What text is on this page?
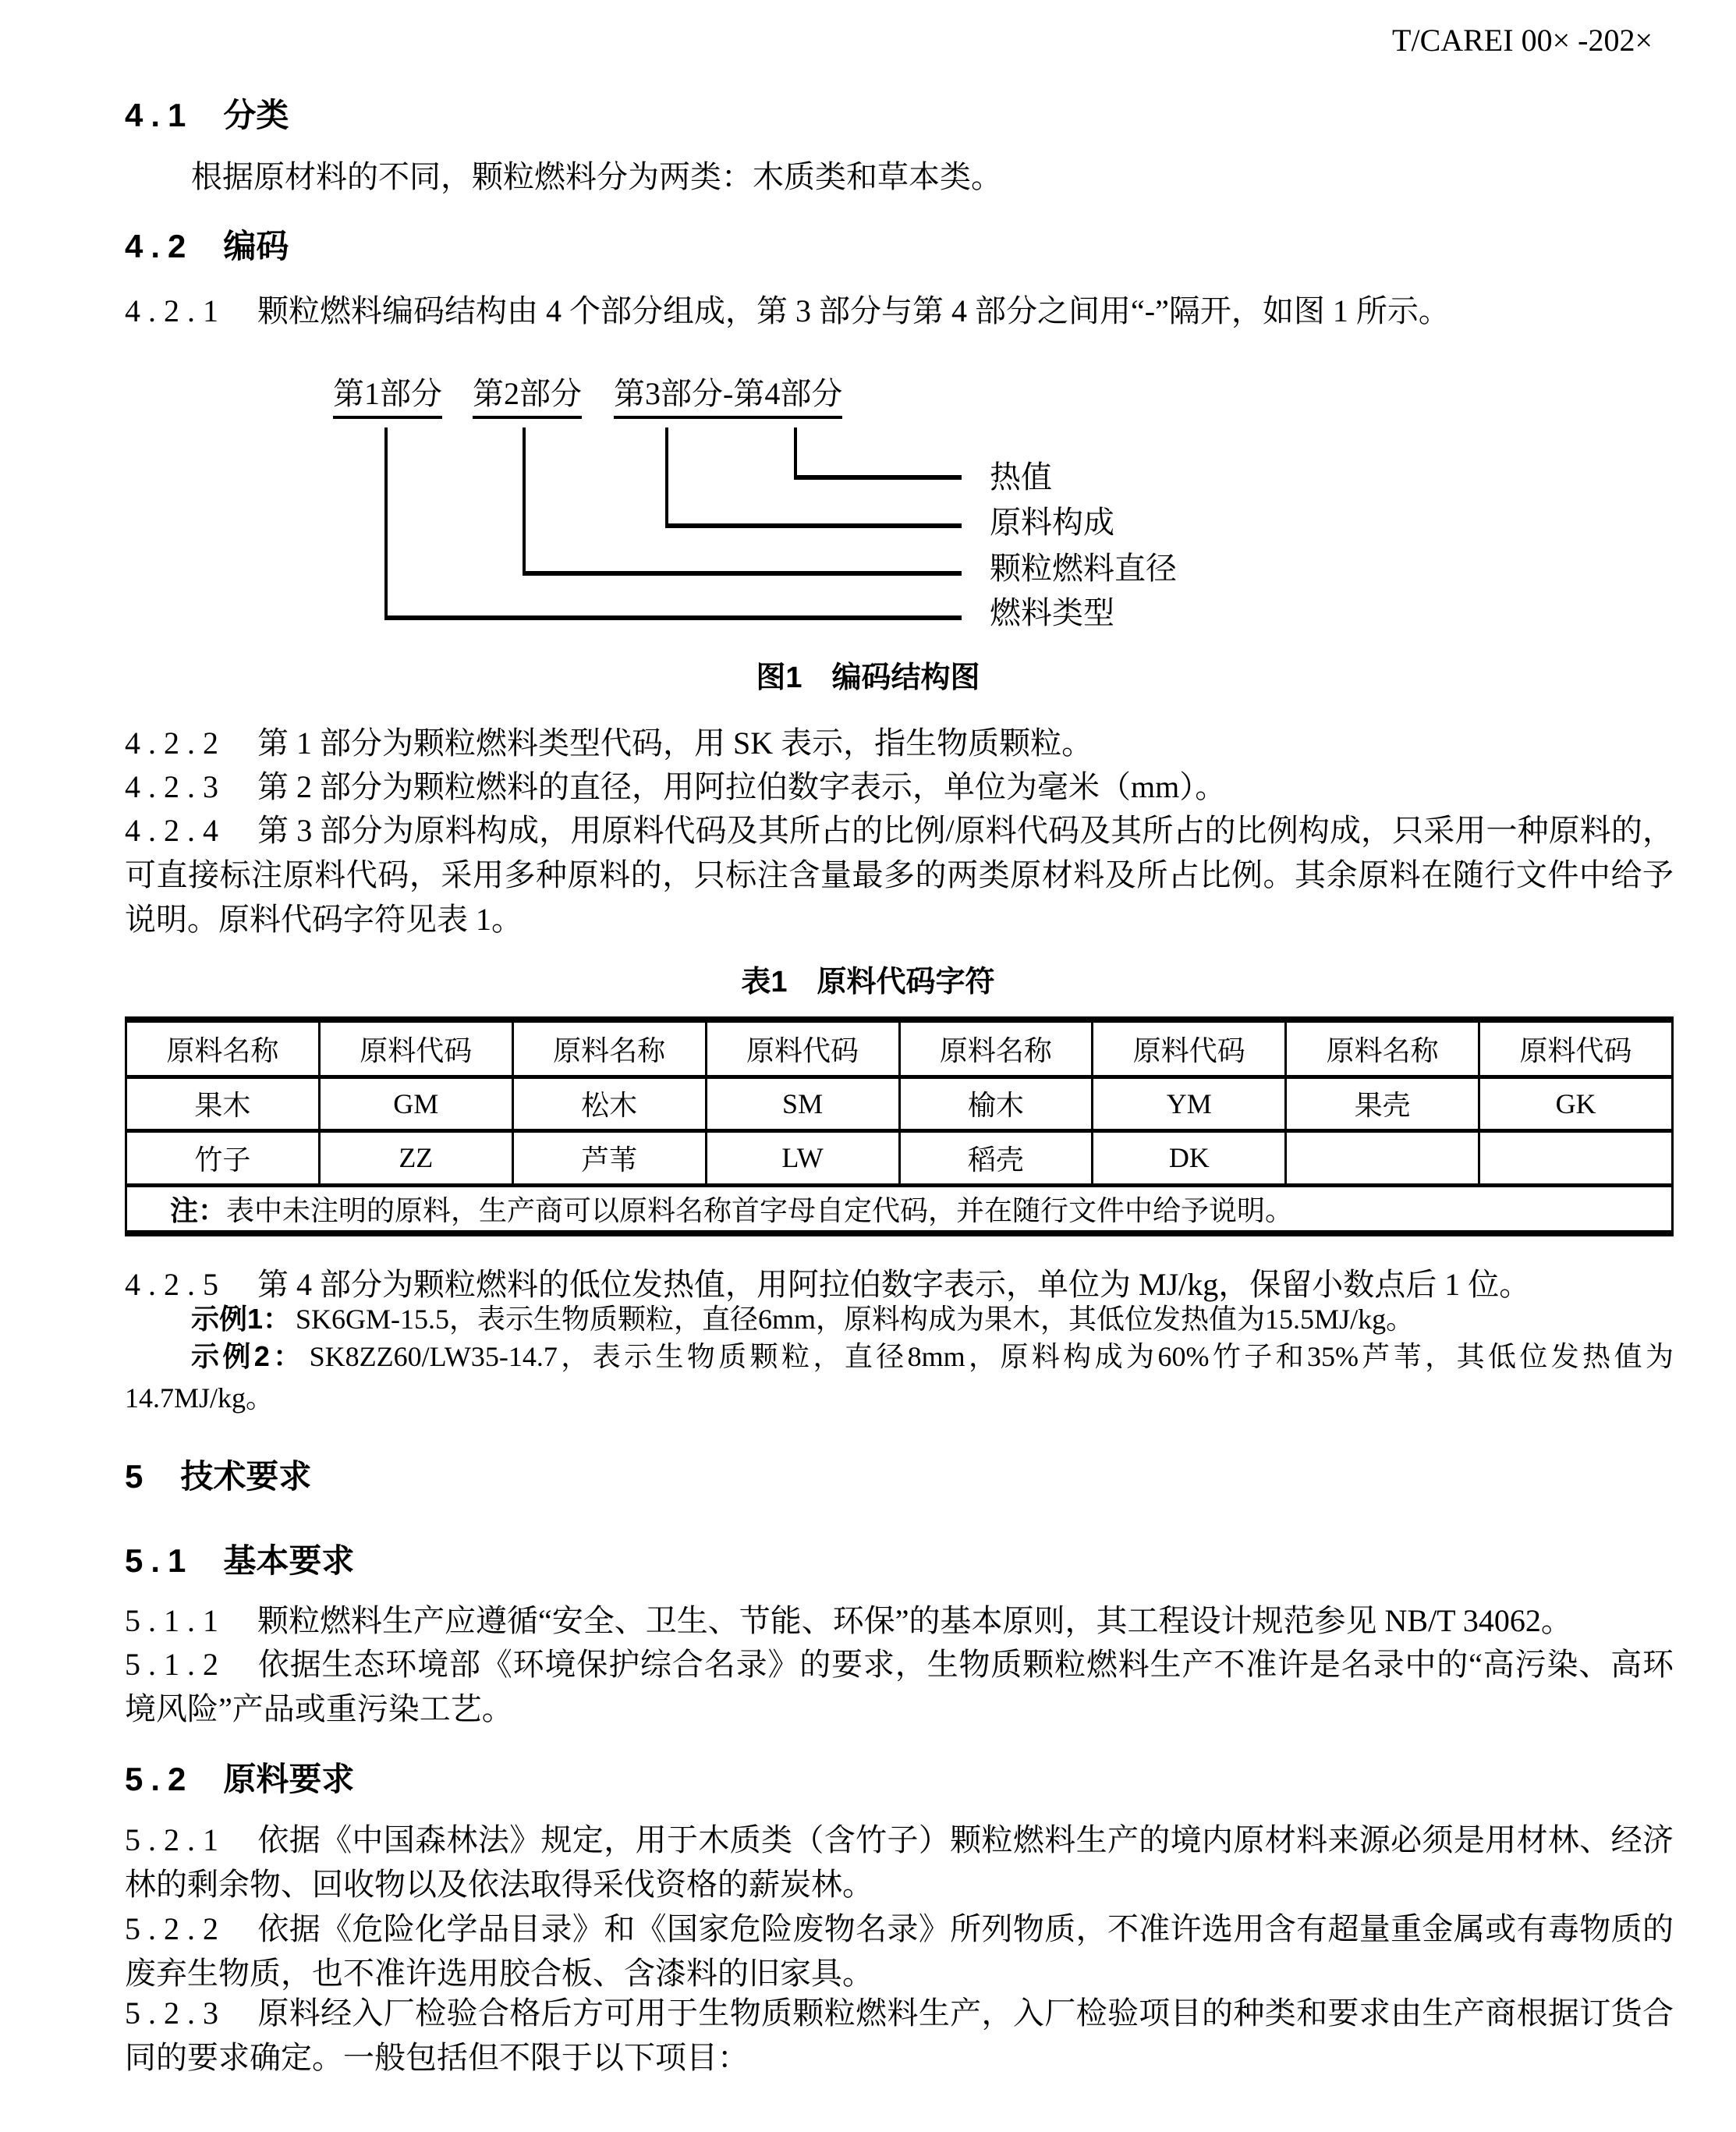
T/CAREI 00× -202×
4.1 分类

根据原材料的不同，颗粒燃料分为两类：木质类和草本类。

4.2 编码

4.2.1 颗粒燃料编码结构由 4 个部分组成，第 3 部分与第 4 部分之间用“-”隔开，如图 1 所示。

第1部分 第2部分 第3部分-第4部分
热值
原料构成
颗粒燃料直径
燃料类型
图1　编码结构图

4.2.2 第 1 部分为颗粒燃料类型代码，用 SK 表示，指生物质颗粒。

4.2.3 第 2 部分为颗粒燃料的直径，用阿拉伯数字表示，单位为毫米（mm）。

4.2.4 第 3 部分为原料构成，用原料代码及其所占的比例/原料代码及其所占的比例构成，只采用一种原料的，可直接标注原料代码，采用多种原料的，只标注含量最多的两类原材料及所占比例。其余原料在随行文件中给予说明。原料代码字符见表 1。

表1　原料代码字符
原料名称	原料代码	原料名称	原料代码	原料名称	原料代码	原料名称	原料代码
果木	GM	松木	SM	榆木	YM	果壳	GK
竹子	ZZ	芦苇	LW	稻壳	DK		
注：表中未注明的原料，生产商可以原料名称首字母自定代码，并在随行文件中给予说明。							

4.2.5 第 4 部分为颗粒燃料的低位发热值，用阿拉伯数字表示，单位为 MJ/kg，保留小数点后 1 位。

示例1： SK6GM-15.5，表示生物质颗粒，直径6mm，原料构成为果木，其低位发热值为15.5MJ/kg。

示例2： SK8ZZ60/LW35-14.7，表示生物质颗粒，直径8mm，原料构成为60%竹子和35%芦苇，其低位发热值为14.7MJ/kg。

5 技术要求
5.1 基本要求

5.1.1 颗粒燃料生产应遵循“安全、卫生、节能、环保”的基本原则，其工程设计规范参见 NB/T 34062。

5.1.2 依据生态环境部《环境保护综合名录》的要求，生物质颗粒燃料生产不准许是名录中的“高污染、高环境风险”产品或重污染工艺。

5.2 原料要求

5.2.1 依据《中国森林法》规定，用于木质类（含竹子）颗粒燃料生产的境内原材料来源必须是用材林、经济林的剩余物、回收物以及依法取得采伐资格的薪炭林。

5.2.2 依据《危险化学品目录》和《国家危险废物名录》所列物质，不准许选用含有超量重金属或有毒物质的废弃生物质，也不准许选用胶合板、含漆料的旧家具。

5.2.3 原料经入厂检验合格后方可用于生物质颗粒燃料生产，入厂检验项目的种类和要求由生产商根据订货合同的要求确定。一般包括但不限于以下项目：
